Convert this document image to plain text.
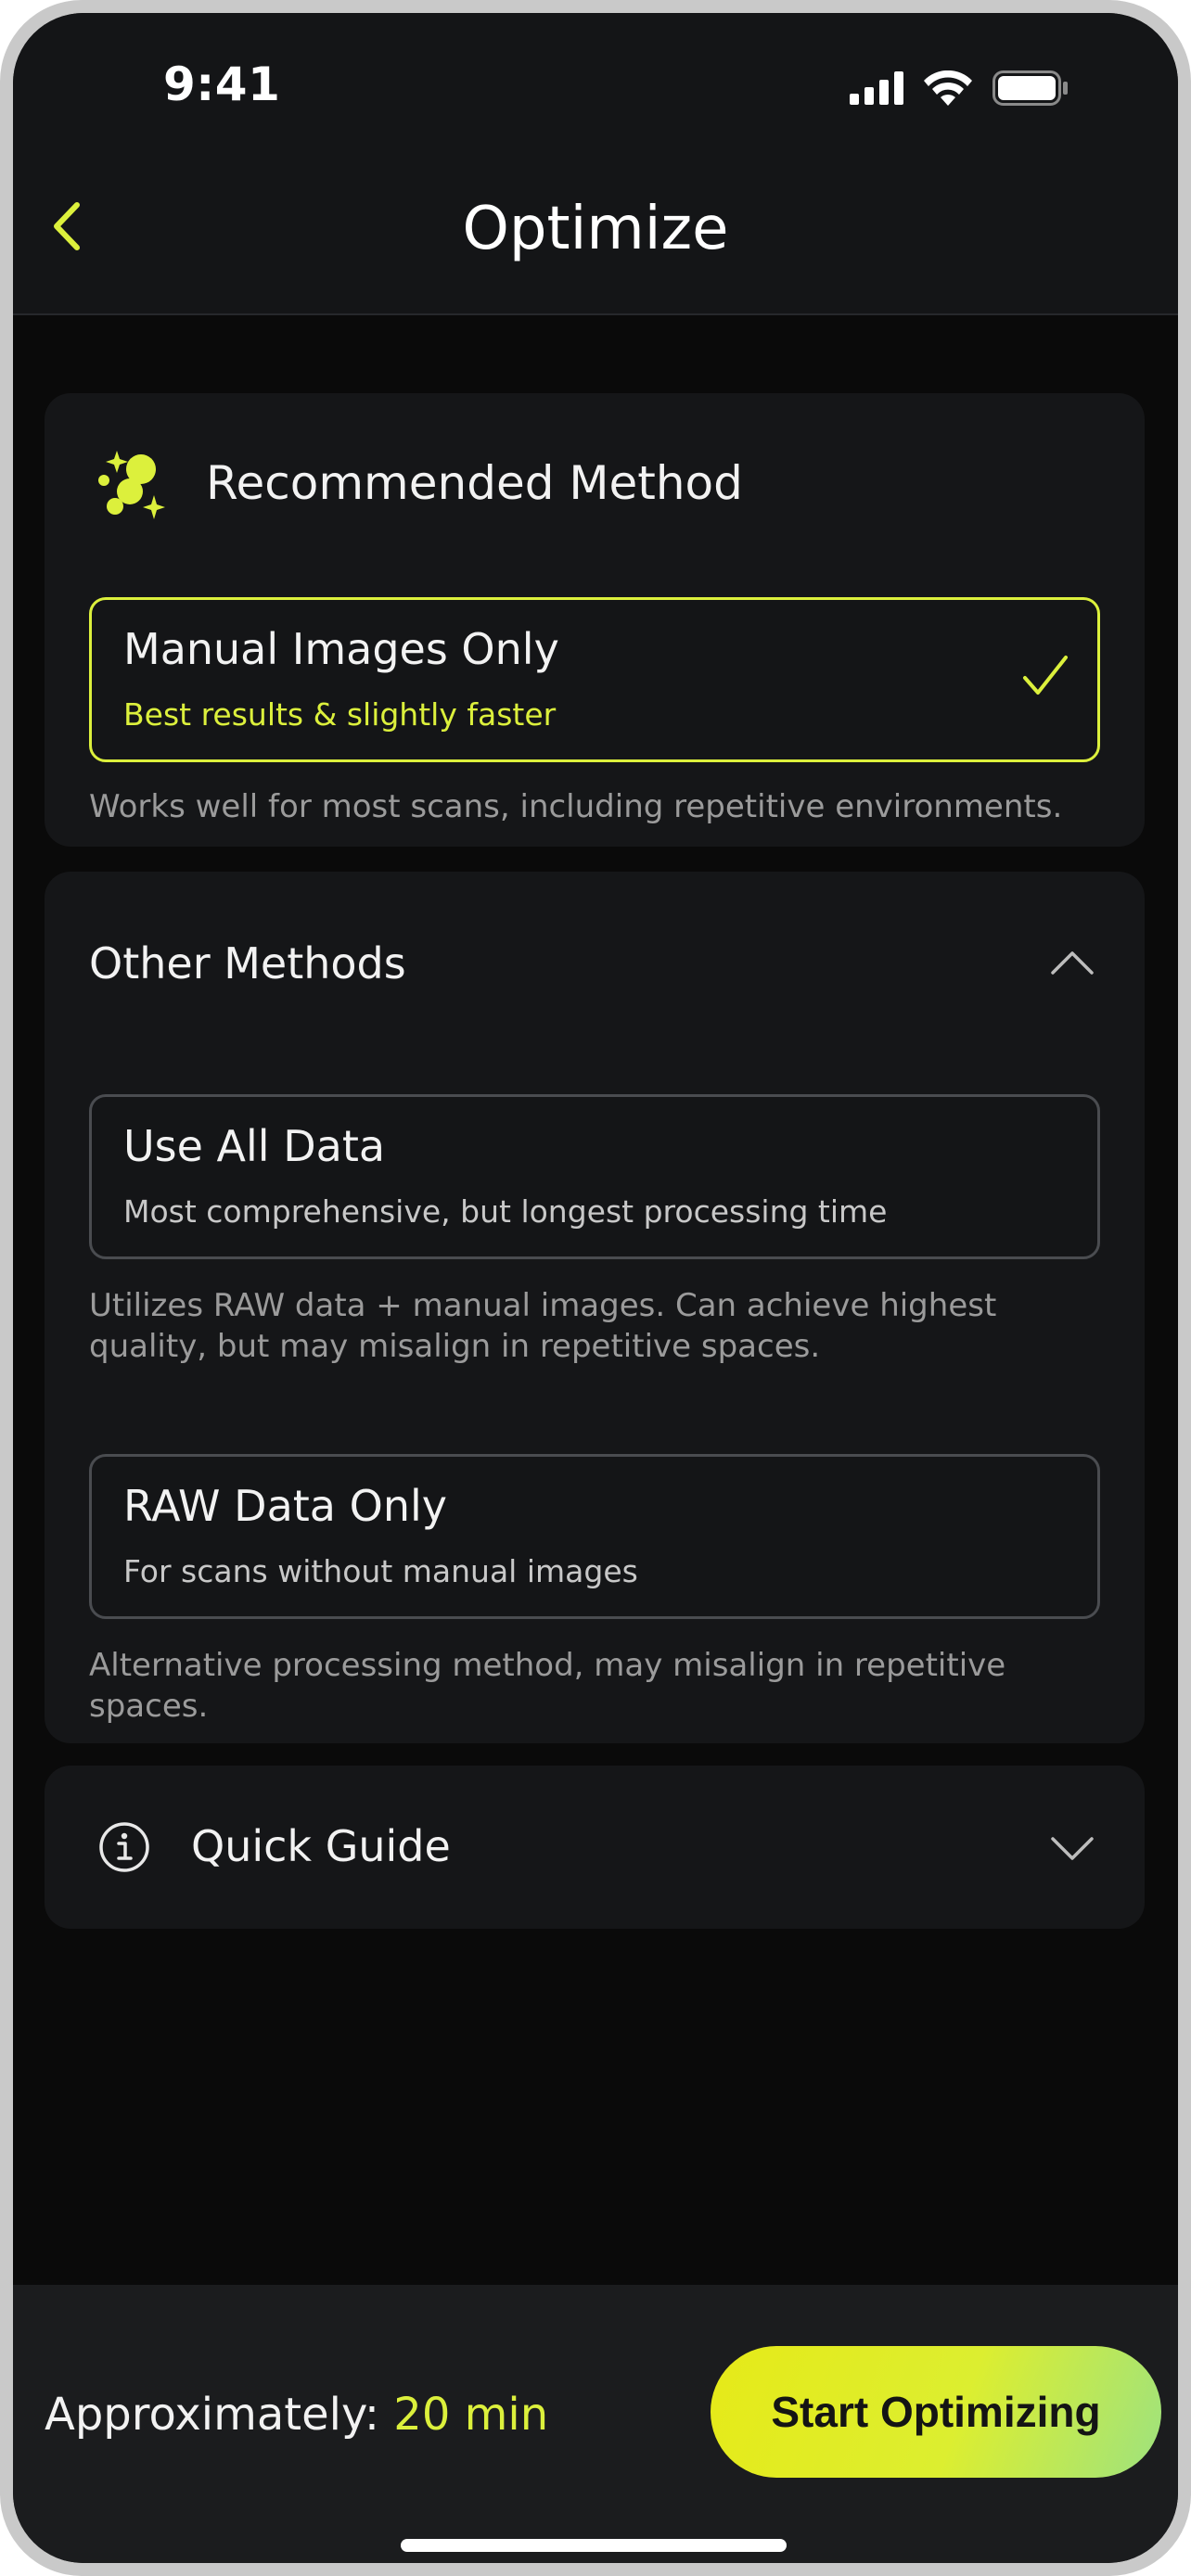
9:41
Optimize
Recommended Method
Manual Images Only
Best results & slightly faster
Works well for most scans, including repetitive environments.
Other Methods
Use All Data
Most comprehensive, but longest processing time
Utilizes RAW data + manual images. Can achieve highest quality, but may misalign in repetitive spaces.
RAW Data Only
For scans without manual images
Alternative processing method, may misalign in repetitive spaces.
Quick Guide
Approximately: 20 min	Start Optimizing
